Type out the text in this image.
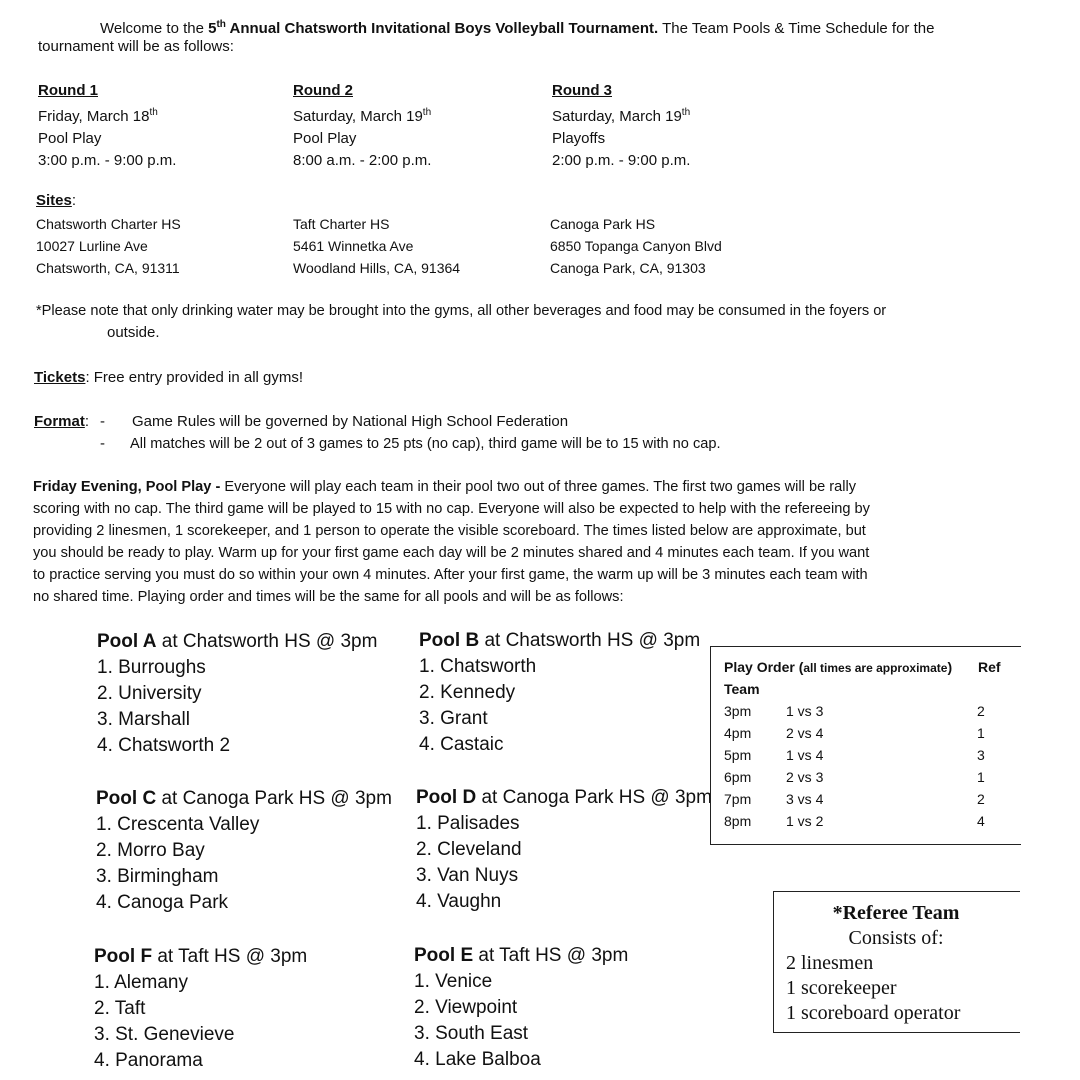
Welcome to the 5th Annual Chatsworth Invitational Boys Volleyball Tournament. The Team Pools & Time Schedule for the
tournament will be as follows:
Round 1
Friday, March 18th
Pool Play
3:00 p.m. - 9:00 p.m.
Round 2
Saturday, March 19th
Pool Play
8:00 a.m. - 2:00 p.m.
Round 3
Saturday, March 19th
Playoffs
2:00 p.m. - 9:00 p.m.
Sites:
Chatsworth Charter HS
10027 Lurline Ave
Chatsworth, CA, 91311
Taft Charter HS
5461 Winnetka Ave
Woodland Hills, CA, 91364
Canoga Park HS
6850 Topanga Canyon Blvd
Canoga Park, CA, 91303
*Please note that only drinking water may be brought into the gyms, all other beverages and food may be consumed in the foyers or
outside.
Tickets: Free entry provided in all gyms!
Format: - Game Rules will be governed by National High School Federation
- All matches will be 2 out of 3 games to 25 pts (no cap), third game will be to 15 with no cap.
Friday Evening, Pool Play - Everyone will play each team in their pool two out of three games. The first two games will be rally
scoring with no cap. The third game will be played to 15 with no cap. Everyone will also be expected to help with the refereeing by
providing 2 linesmen, 1 scorekeeper, and 1 person to operate the visible scoreboard. The times listed below are approximate, but
you should be ready to play. Warm up for your first game each day will be 2 minutes shared and 4 minutes each team. If you want
to practice serving you must do so within your own 4 minutes. After your first game, the warm up will be 3 minutes each team with
no shared time. Playing order and times will be the same for all pools and will be as follows:
Pool A at Chatsworth HS @ 3pm
1. Burroughs
2. University
3. Marshall
4. Chatsworth 2
Pool B at Chatsworth HS @ 3pm
1. Chatsworth
2. Kennedy
3. Grant
4. Castaic
Pool C at Canoga Park HS @ 3pm
1. Crescenta Valley
2. Morro Bay
3. Birmingham
4. Canoga Park
Pool D at Canoga Park HS @ 3pm
1. Palisades
2. Cleveland
3. Van Nuys
4. Vaughn
Pool F at Taft HS @ 3pm
1. Alemany
2. Taft
3. St. Genevieve
4. Panorama
Pool E at Taft HS @ 3pm
1. Venice
2. Viewpoint
3. South East
4. Lake Balboa
Play Order (all times are approximate) Ref
Team
3pm 1 vs 3	2
4pm 2 vs 4	1
5pm 1 vs 4	3
6pm 2 vs 3	1
7pm 3 vs 4	2
8pm 1 vs 2	4
*Referee Team
Consists of:
2 linesmen
1 scorekeeper
1 scoreboard operator
